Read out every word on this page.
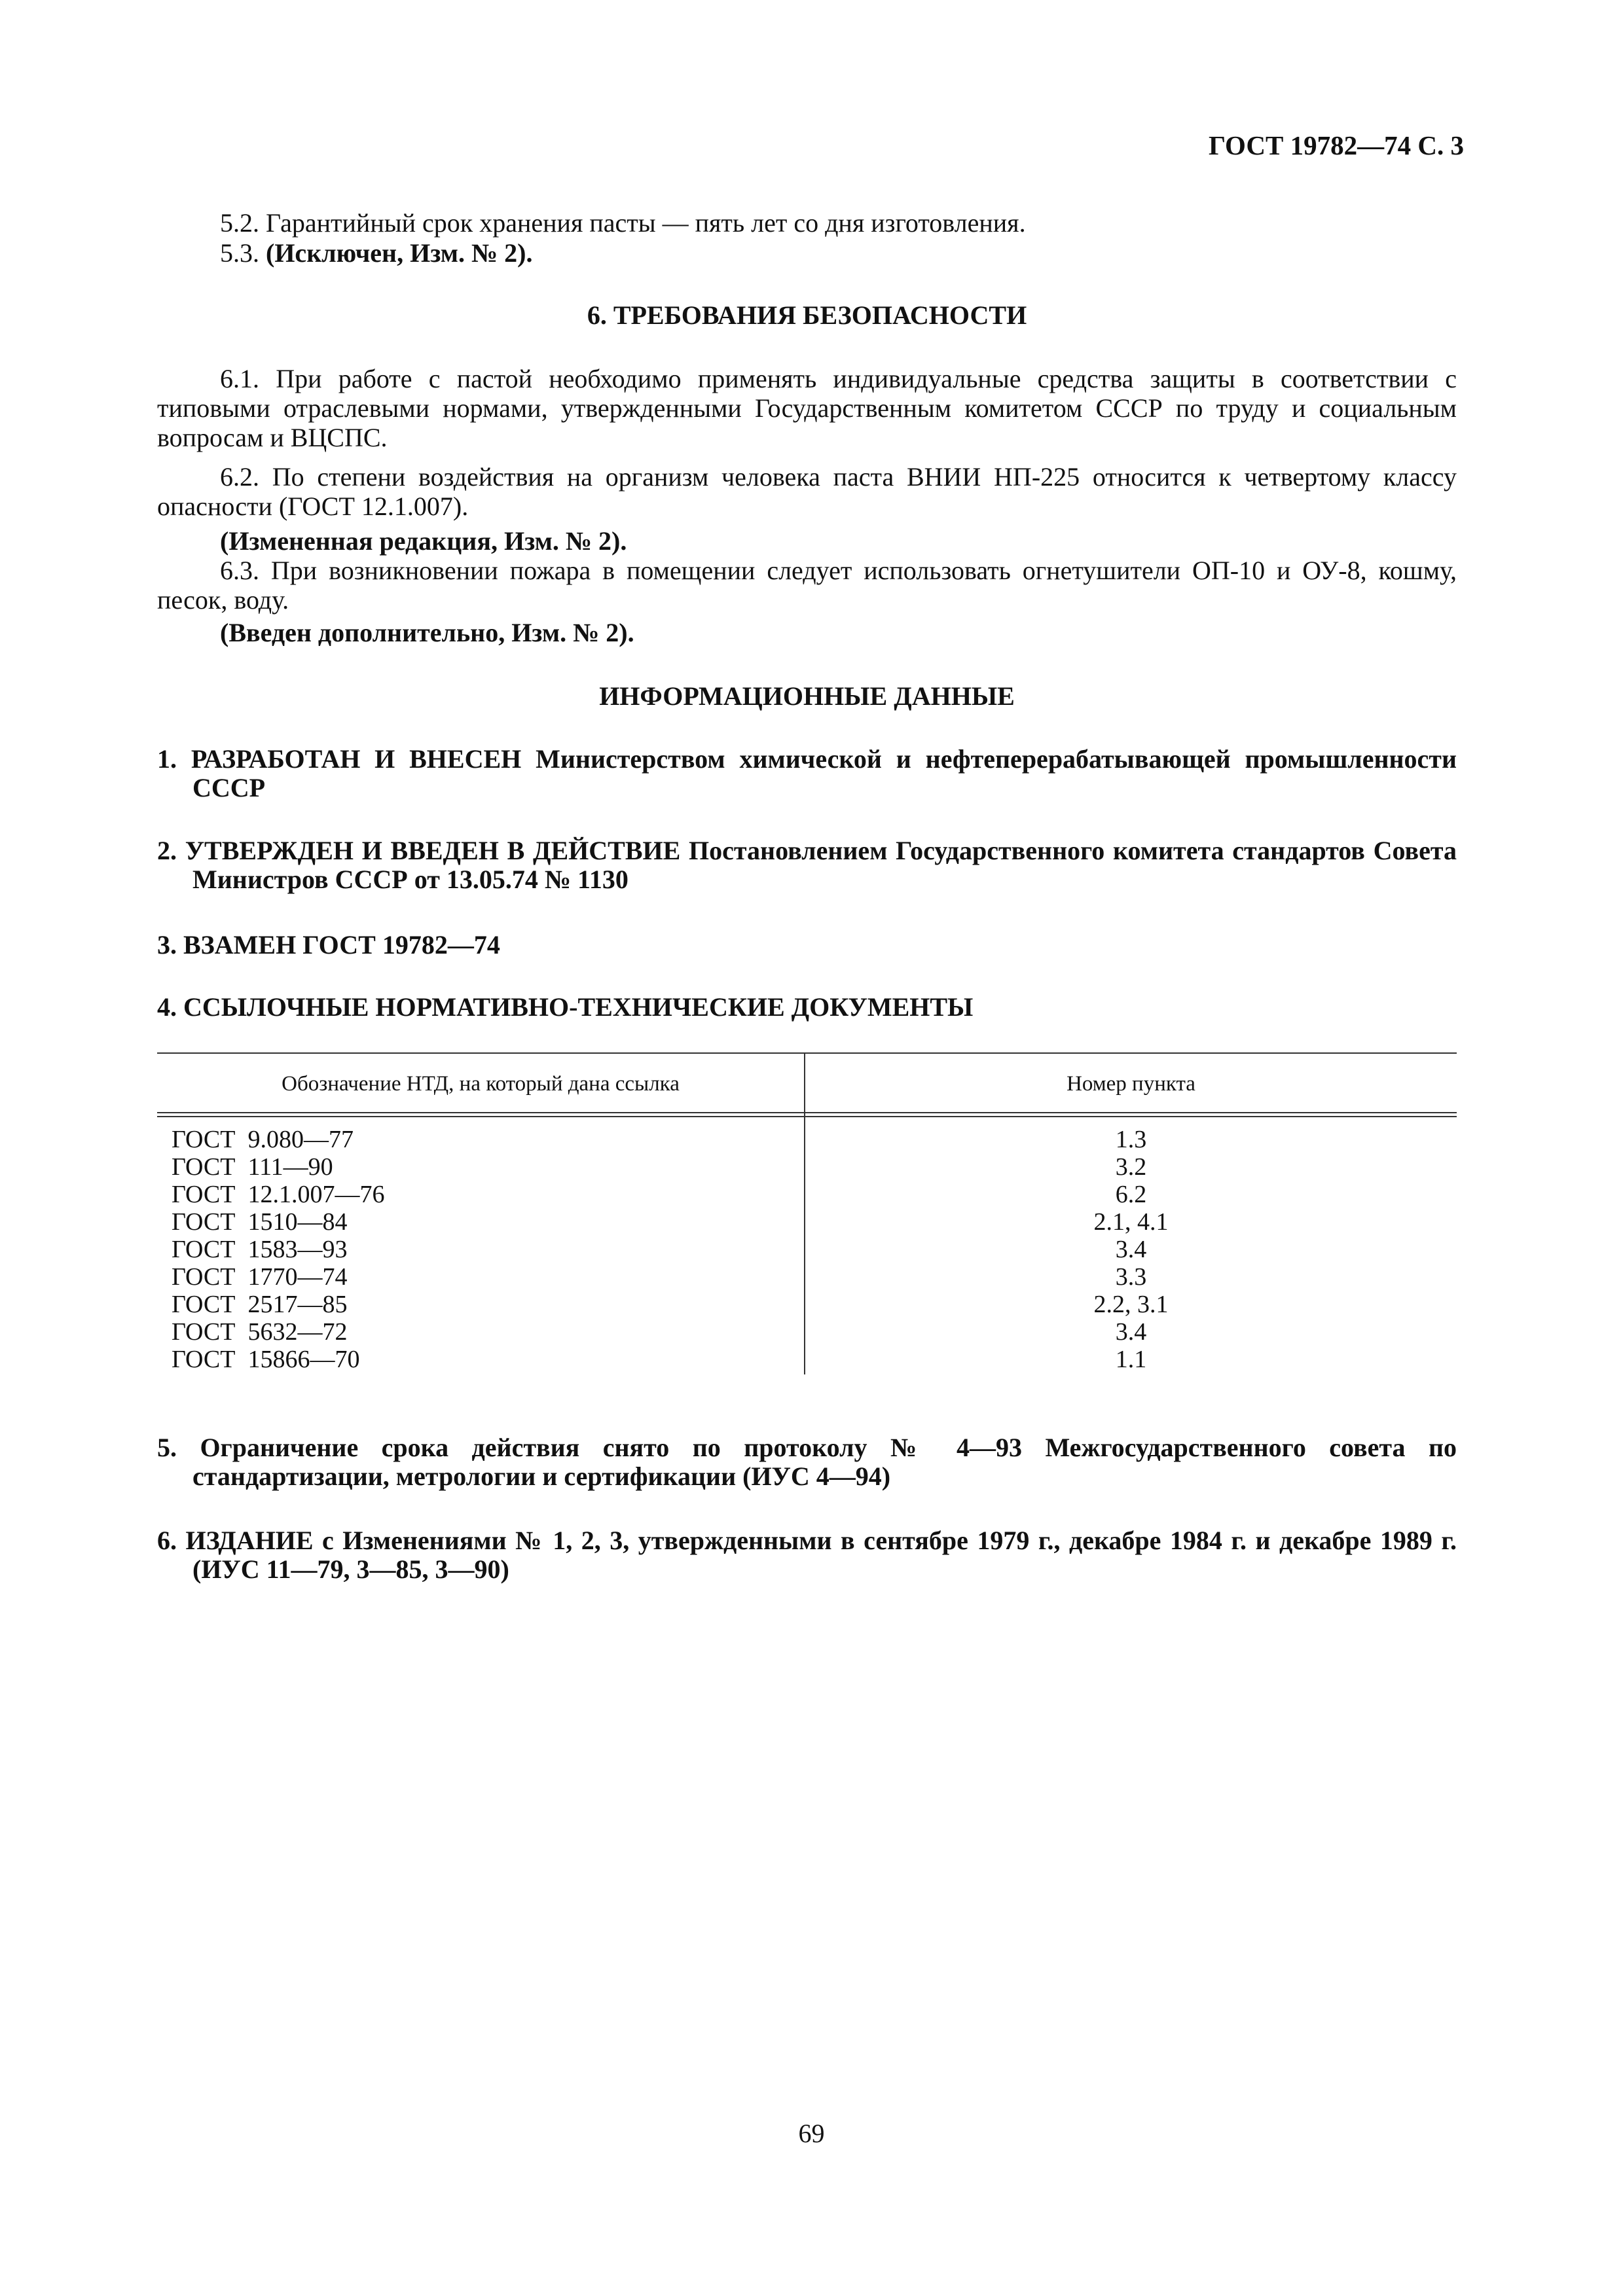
ГОСТ 19782—74 С. 3
5.2. Гарантийный срок хранения пасты — пять лет со дня изготовления.
5.3. (Исключен, Изм. № 2).
6. ТРЕБОВАНИЯ БЕЗОПАСНОСТИ
6.1. При работе с пастой необходимо применять индивидуальные средства защиты в соответствии с типовыми отраслевыми нормами, утвержденными Государственным комитетом СССР по труду и социальным вопросам и ВЦСПС.
6.2. По степени воздействия на организм человека паста ВНИИ НП-225 относится к четвертому классу опасности (ГОСТ 12.1.007).
(Измененная редакция, Изм. № 2).
6.3. При возникновении пожара в помещении следует использовать огнетушители ОП-10 и ОУ-8, кошму, песок, воду.
(Введен дополнительно, Изм. № 2).
ИНФОРМАЦИОННЫЕ ДАННЫЕ
1. РАЗРАБОТАН И ВНЕСЕН Министерством химической и нефтеперерабатывающей промышленности СССР
2. УТВЕРЖДЕН И ВВЕДЕН В ДЕЙСТВИЕ Постановлением Государственного комитета стандартов Совета Министров СССР от 13.05.74 № 1130
3. ВЗАМЕН ГОСТ 19782—74
4. ССЫЛОЧНЫЕ НОРМАТИВНО-ТЕХНИЧЕСКИЕ ДОКУМЕНТЫ
Обозначение НТД, на который дана ссылка	Номер пункта
ГОСТ  9.080—77	1.3
ГОСТ  111—90	3.2
ГОСТ  12.1.007—76	6.2
ГОСТ  1510—84	2.1, 4.1
ГОСТ  1583—93	3.4
ГОСТ  1770—74	3.3
ГОСТ  2517—85	2.2, 3.1
ГОСТ  5632—72	3.4
ГОСТ  15866—70	1.1
5. Ограничение срока действия снято по протоколу № 4—93 Межгосударственного совета по стандартизации, метрологии и сертификации (ИУС 4—94)
6. ИЗДАНИЕ с Изменениями № 1, 2, 3, утвержденными в сентябре 1979 г., декабре 1984 г. и декабре 1989 г. (ИУС 11—79, 3—85, 3—90)
69
